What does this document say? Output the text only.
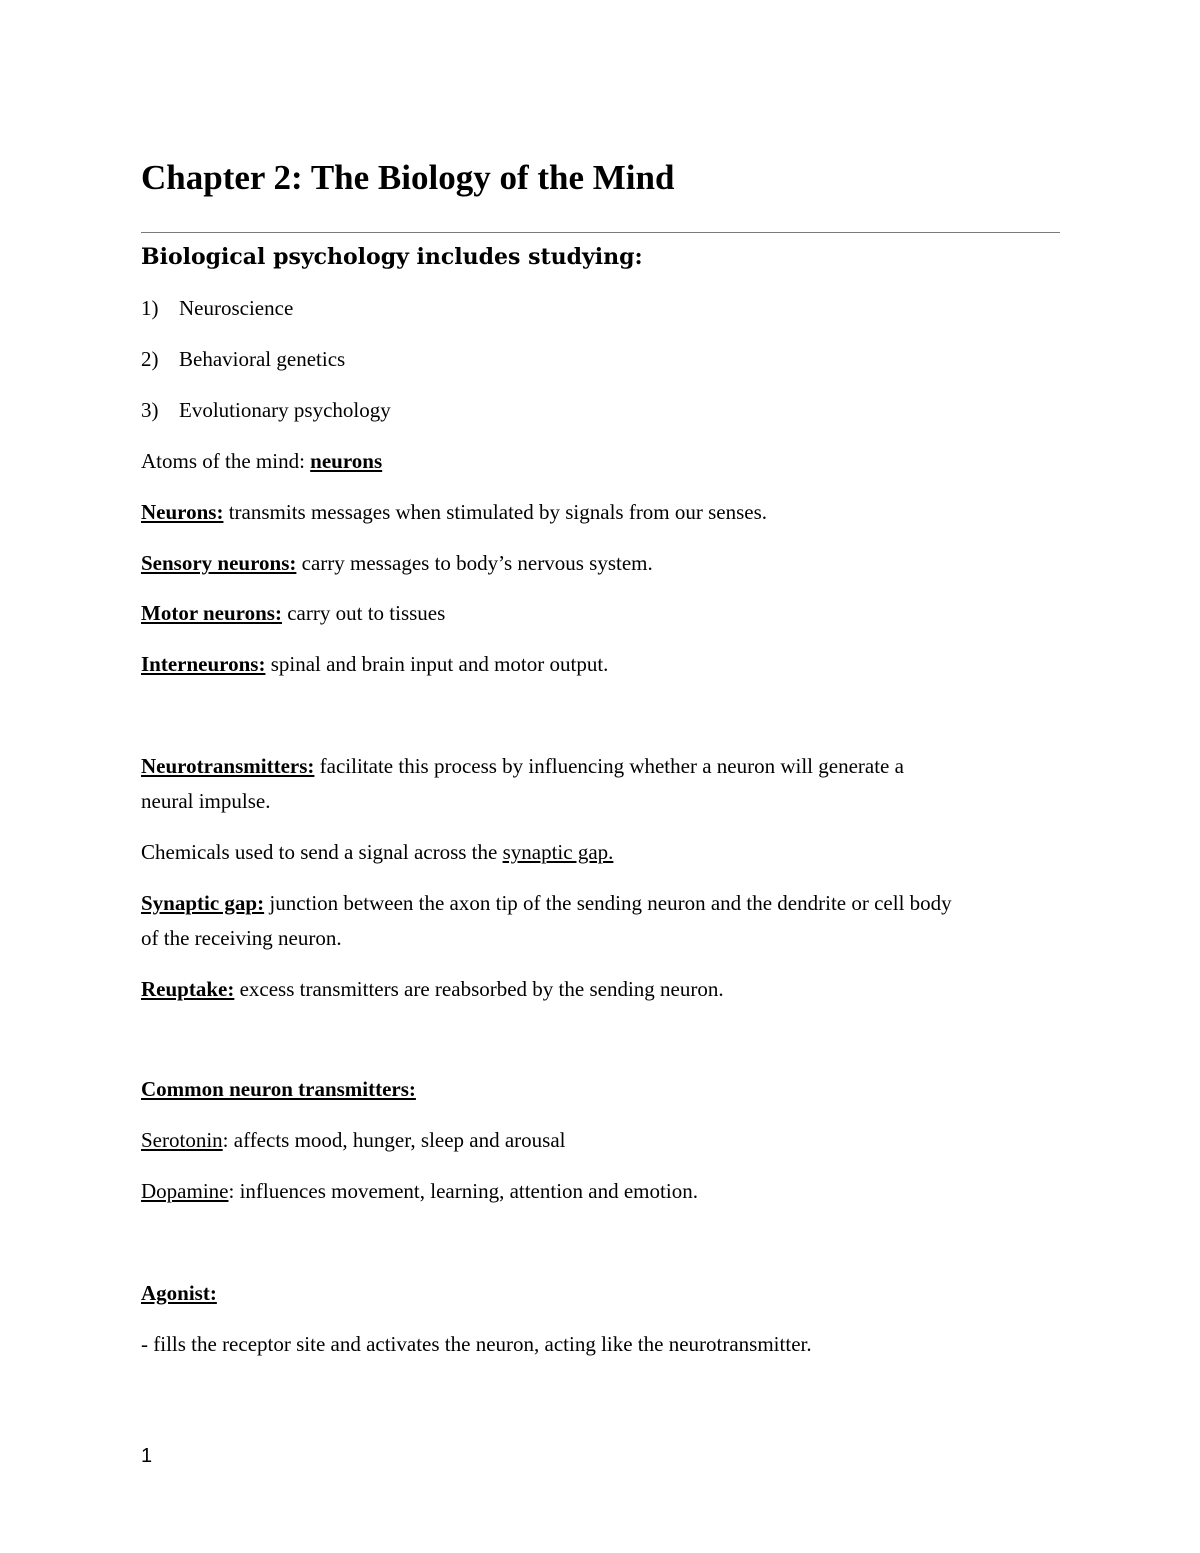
Chapter 2: The Biology of the Mind
Biological psychology includes studying:

1) Neuroscience

2) Behavioral genetics

3) Evolutionary psychology

Atoms of the mind: neurons

Neurons: transmits messages when stimulated by signals from our senses.

Sensory neurons: carry messages to body’s nervous system.

Motor neurons: carry out to tissues

Interneurons: spinal and brain input and motor output.

Neurotransmitters: facilitate this process by influencing whether a neuron will generate a

neural impulse.

Chemicals used to send a signal across the synaptic gap.

Synaptic gap: junction between the axon tip of the sending neuron and the dendrite or cell body

of the receiving neuron.

Reuptake: excess transmitters are reabsorbed by the sending neuron.

Common neuron transmitters:

Serotonin: affects mood, hunger, sleep and arousal

Dopamine: influences movement, learning, attention and emotion.

Agonist:

- fills the receptor site and activates the neuron, acting like the neurotransmitter.

1
